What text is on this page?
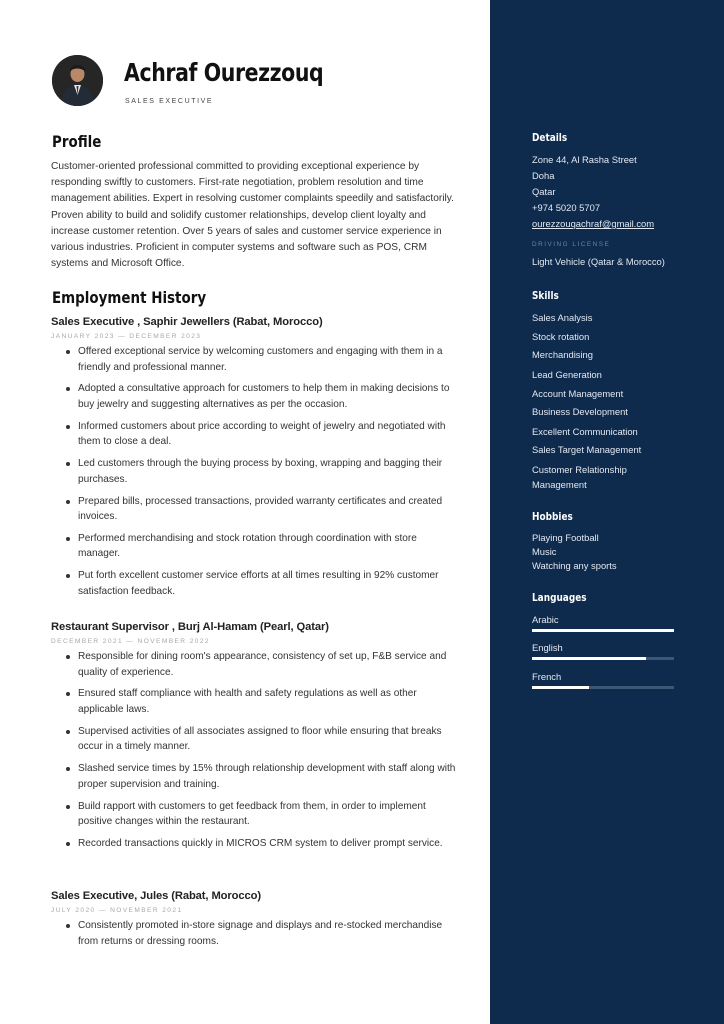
Achraf Ourezzouq
SALES EXECUTIVE
Profile
Customer-oriented professional committed to providing exceptional experience by responding swiftly to customers. First-rate negotiation, problem resolution and time management abilities. Expert in resolving customer complaints speedily and satisfactorily. Proven ability to build and solidify customer relationships, develop client loyalty and increase customer retention. Over 5 years of sales and customer service experience in various industries. Proficient in computer systems and software such as POS, CRM systems and Microsoft Office.
Employment History
Sales Executive , Saphir Jewellers (Rabat, Morocco)
JANUARY 2023 — DECEMBER 2023
Offered exceptional service by welcoming customers and engaging with them in a friendly and professional manner.
Adopted a consultative approach for customers to help them in making decisions to buy jewelry and suggesting alternatives as per the occasion.
Informed customers about price according to weight of jewelry and negotiated with them to close a deal.
Led customers through the buying process by boxing, wrapping and bagging their purchases.
Prepared bills, processed transactions, provided warranty certificates and created invoices.
Performed merchandising and stock rotation through coordination with store manager.
Put forth excellent customer service efforts at all times resulting in 92% customer satisfaction feedback.
Restaurant Supervisor , Burj Al-Hamam (Pearl, Qatar)
DECEMBER 2021 — NOVEMBER 2022
Responsible for dining room's appearance, consistency of set up, F&B service and quality of experience.
Ensured staff compliance with health and safety regulations as well as other applicable laws.
Supervised activities of all associates assigned to floor while ensuring that breaks occur in a timely manner.
Slashed service times by 15% through relationship development with staff along with proper supervision and training.
Build rapport with customers to get feedback from them, in order to implement positive changes within the restaurant.
Recorded transactions quickly in MICROS CRM system to deliver prompt service.
Sales Executive, Jules (Rabat, Morocco)
JULY 2020 — NOVEMBER 2021
Consistently promoted in-store signage and displays and re-stocked merchandise from returns or dressing rooms.
Details
Zone 44, Al Rasha Street
Doha
Qatar
+974 5020 5707
ourezzouqachraf@gmail.com
DRIVING LICENSE
Light Vehicle (Qatar & Morocco)
Skills
Sales Analysis
Stock rotation
Merchandising
Lead Generation
Account Management
Business Development
Excellent Communication
Sales Target Management
Customer Relationship
Management
Hobbies
Playing Football
Music
Watching any sports
Languages
Arabic
English
French
